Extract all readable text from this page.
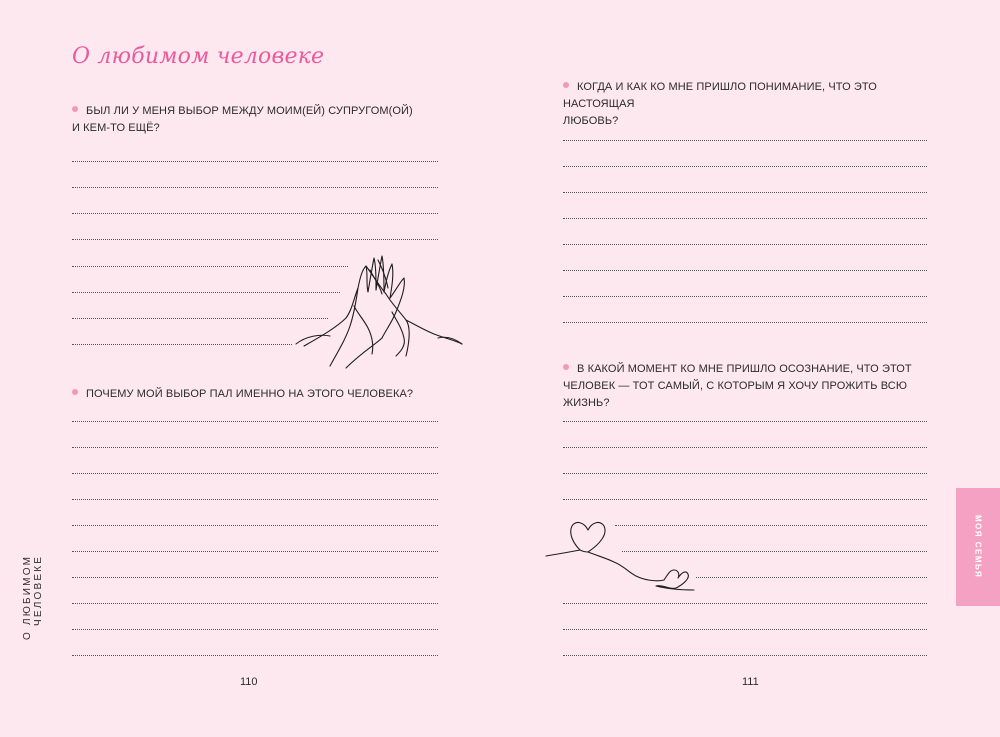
О любимом человеке
БЫЛ ЛИ У МЕНЯ ВЫБОР МЕЖДУ МОИМ(ЕЙ) СУПРУГОМ(ОЙ)
И КЕМ-ТО ЕЩЁ?
ПОЧЕМУ МОЙ ВЫБОР ПАЛ ИМЕННО НА ЭТОГО ЧЕЛОВЕКА?
О ЛЮБИМОМ ЧЕЛОВЕКЕ
110
КОГДА И КАК КО МНЕ ПРИШЛО ПОНИМАНИЕ, ЧТО ЭТО НАСТОЯЩАЯ
ЛЮБОВЬ?
В КАКОЙ МОМЕНТ КО МНЕ ПРИШЛО ОСОЗНАНИЕ, ЧТО ЭТОТ
ЧЕЛОВЕК — ТОТ САМЫЙ, С КОТОРЫМ Я ХОЧУ ПРОЖИТЬ ВСЮ ЖИЗНЬ?
111
МОЯ СЕМЬЯ
